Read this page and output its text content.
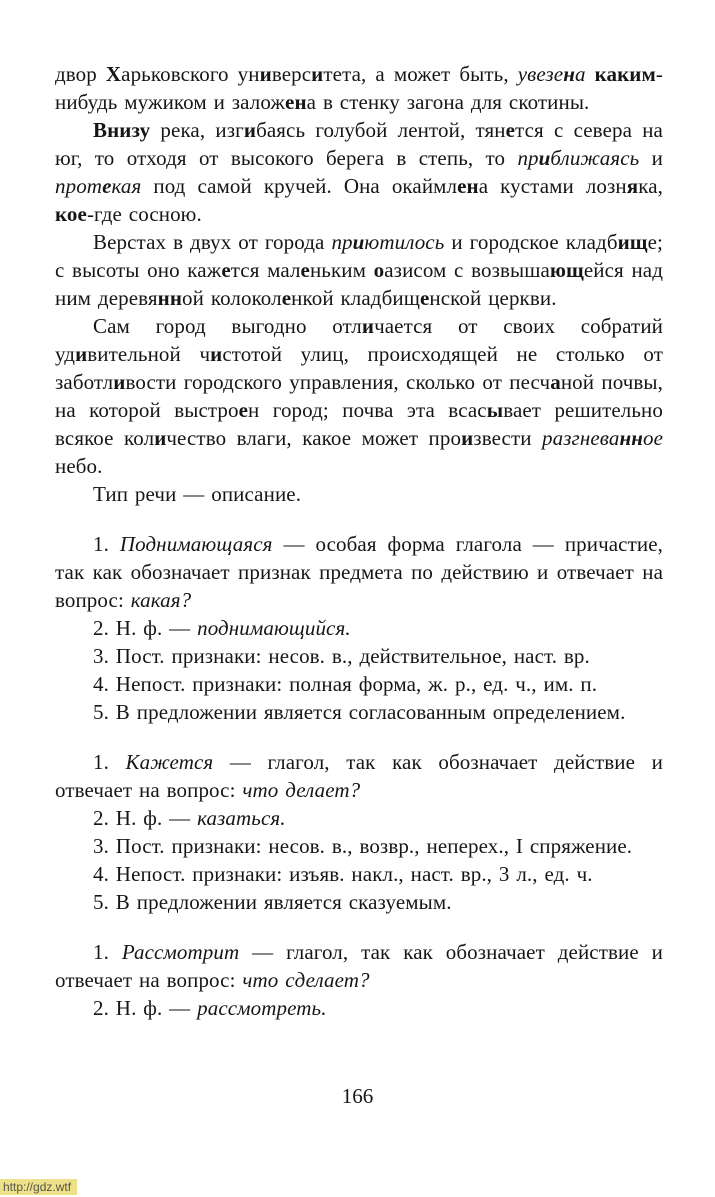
двор Харьковского университета, а может быть, увезена каким-нибудь мужиком и заложена в стенку загона для скотины.

Внизу река, изгибаясь голубой лентой, тянется с севера на юг, то отходя от высокого берега в степь, то приближаясь и протекая под самой кручей. Она окаймлена кустами лозняка, кое-где сосною.

Верстах в двух от города приютилось и городское кладбище; с высоты оно кажется маленьким оазисом с возвышающейся над ним деревянной колоколенкой кладбищенской церкви.

Сам город выгодно отличается от своих собратий удивительной чистотой улиц, происходящей не столько от заботливости городского управления, сколько от песчаной почвы, на которой выстроен город; почва эта всасывает решительно всякое количество влаги, какое может произвести разгневанное небо.

Тип речи — описание.

1. Поднимающаяся — особая форма глагола — причастие, так как обозначает признак предмета по действию и отвечает на вопрос: какая?

2. Н. ф. — поднимающийся.

3. Пост. признаки: несов. в., действительное, наст. вр.

4. Непост. признаки: полная форма, ж. р., ед. ч., им. п.

5. В предложении является согласованным определением.

1. Кажется — глагол, так как обозначает действие и отвечает на вопрос: что делает?

2. Н. ф. — казаться.

3. Пост. признаки: несов. в., возвр., неперех., I спряжение.

4. Непост. признаки: изъяв. накл., наст. вр., 3 л., ед. ч.

5. В предложении является сказуемым.

1. Рассмотрит — глагол, так как обозначает действие и отвечает на вопрос: что сделает?

2. Н. ф. — рассмотреть.

166
http://gdz.wtf
